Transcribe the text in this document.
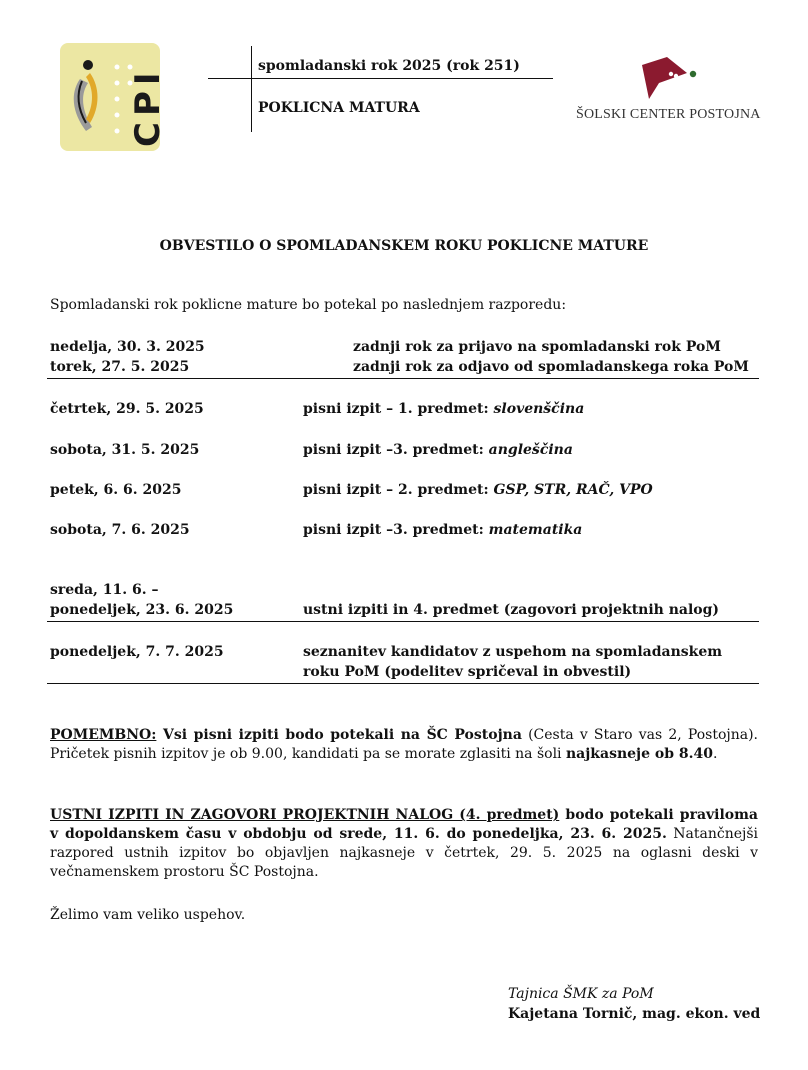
CPI
spomladanski rok 2025 (rok 251)
POKLICNA MATURA	ŠOLSKI CENTER POSTOJNA
OBVESTILO O SPOMLADANSKEM ROKU POKLICNE MATURE
Spomladanski rok poklicne mature bo potekal po naslednjem razporedu:
nedelja, 30. 3. 2025	zadnji rok za prijavo na spomladanski rok PoM
torek, 27. 5. 2025	zadnji rok za odjavo od spomladanskega roka PoM
četrtek, 29. 5. 2025	pisni izpit – 1. predmet: slovenščina
sobota, 31. 5. 2025	pisni izpit –3. predmet: angleščina
petek, 6. 6. 2025	pisni izpit – 2. predmet: GSP, STR, RAČ, VPO
sobota, 7. 6. 2025	pisni izpit –3. predmet: matematika
sreda, 11. 6. –
ponedeljek, 23. 6. 2025	ustni izpiti in 4. predmet (zagovori projektnih nalog)
ponedeljek, 7. 7. 2025	seznanitev kandidatov z uspehom na spomladanskem
roku PoM (podelitev spričeval in obvestil)
POMEMBNO: Vsi pisni izpiti bodo potekali na ŠC Postojna (Cesta v Staro vas 2, Postojna). Pričetek pisnih izpitov je ob 9.00, kandidati pa se morate zglasiti na šoli najkasneje ob 8.40.
USTNI IZPITI IN ZAGOVORI PROJEKTNIH NALOG (4. predmet) bodo potekali praviloma v dopoldanskem času v obdobju od srede, 11. 6. do ponedeljka, 23. 6. 2025. Natančnejši razpored ustnih izpitov bo objavljen najkasneje v četrtek, 29. 5. 2025 na oglasni deski v večnamenskem prostoru ŠC Postojna.
Želimo vam veliko uspehov.
Tajnica ŠMK za PoM
Kajetana Tornič, mag. ekon. ved
